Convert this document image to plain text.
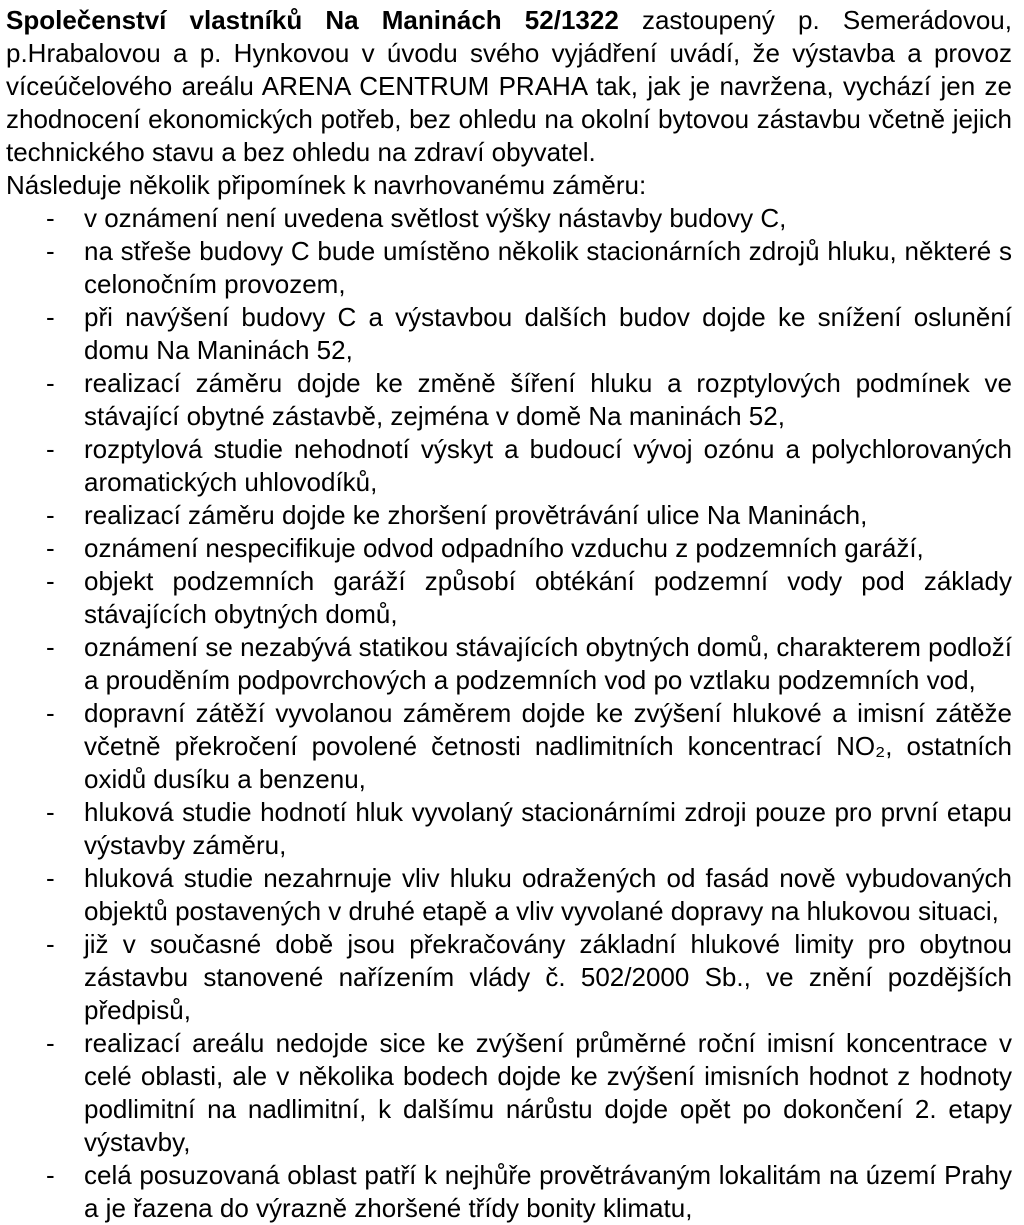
Společenství vlastníků Na Maninách 52/1322 zastoupený p. Semerádovou, p.Hrabalovou a p. Hynkovou v úvodu svého vyjádření uvádí, že výstavba a provoz víceúčelového areálu ARENA CENTRUM PRAHA tak, jak je navržena, vychází jen ze zhodnocení ekonomických potřeb, bez ohledu na okolní bytovou zástavbu včetně jejich technického stavu a bez ohledu na zdraví obyvatel.

Následuje několik připomínek k navrhovanému záměru:

- v oznámení není uvedena světlost výšky nástavby budovy C,
- na střeše budovy C bude umístěno několik stacionárních zdrojů hluku, některé s celonočním provozem,
- při navýšení budovy C a výstavbou dalších budov dojde ke snížení oslunění domu Na Maninách 52,
- realizací záměru dojde ke změně šíření hluku a rozptylových podmínek ve stávající obytné zástavbě, zejména v domě Na maninách 52,
- rozptylová studie nehodnotí výskyt a budoucí vývoj ozónu a polychlorovaných aromatických uhlovodíků,
- realizací záměru dojde ke zhoršení provětrávání ulice Na Maninách,
- oznámení nespecifikuje odvod odpadního vzduchu z podzemních garáží,
- objekt podzemních garáží způsobí obtékání podzemní vody pod základy stávajících obytných domů,
- oznámení se nezabývá statikou stávajících obytných domů, charakterem podloží a prouděním podpovrchových a podzemních vod po vztlaku podzemních vod,
- dopravní zátěží vyvolanou záměrem dojde ke zvýšení hlukové a imisní zátěže včetně překročení povolené četnosti nadlimitních koncentrací NO₂, ostatních oxidů dusíku a benzenu,
- hluková studie hodnotí hluk vyvolaný stacionárními zdroji pouze pro první etapu výstavby záměru,
- hluková studie nezahrnuje vliv hluku odražených od fasád nově vybudovaných objektů postavených v druhé etapě a vliv vyvolané dopravy na hlukovou situaci,
- již v současné době jsou překračovány základní hlukové limity pro obytnou zástavbu stanovené nařízením vlády č. 502/2000 Sb., ve znění pozdějších předpisů,
- realizací areálu nedojde sice ke zvýšení průměrné roční imisní koncentrace v celé oblasti, ale v několika bodech dojde ke zvýšení imisních hodnot z hodnoty podlimitní na nadlimitní, k dalšímu nárůstu dojde opět po dokončení 2. etapy výstavby,
- celá posuzovaná oblast patří k nejhůře provětrávaným lokalitám na území Prahy a je řazena do výrazně zhoršené třídy bonity klimatu,
